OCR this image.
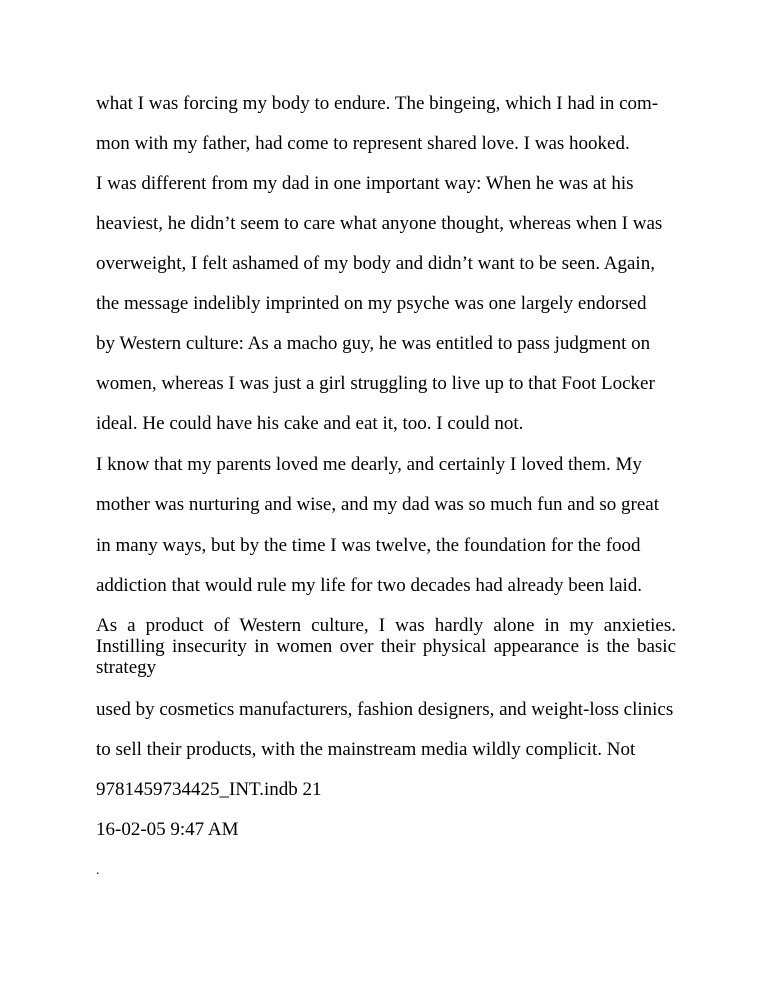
what I was forcing my body to endure. The bingeing, which I had in com-
mon with my father, had come to represent shared love. I was hooked.
I was different from my dad in one important way: When he was at his
heaviest, he didn’t seem to care what anyone thought, whereas when I was
overweight, I felt ashamed of my body and didn’t want to be seen. Again,
the message indelibly imprinted on my psyche was one largely endorsed
by Western culture: As a macho guy, he was entitled to pass judgment on
women, whereas I was just a girl struggling to live up to that Foot Locker
ideal. He could have his cake and eat it, too. I could not.
I know that my parents loved me dearly, and certainly I loved them. My
mother was nurturing and wise, and my dad was so much fun and so great
in many ways, but by the time I was twelve, the foundation for the food
addiction that would rule my life for two decades had already been laid.
As a product of Western culture, I was hardly alone in my anxieties.
Instilling insecurity in women over their physical appearance is the basic
strategy
used by cosmetics manufacturers, fashion designers, and weight-loss clinics
to sell their products, with the mainstream media wildly complicit. Not
9781459734425_INT.indb 21
16-02-05 9:47 AM
.
